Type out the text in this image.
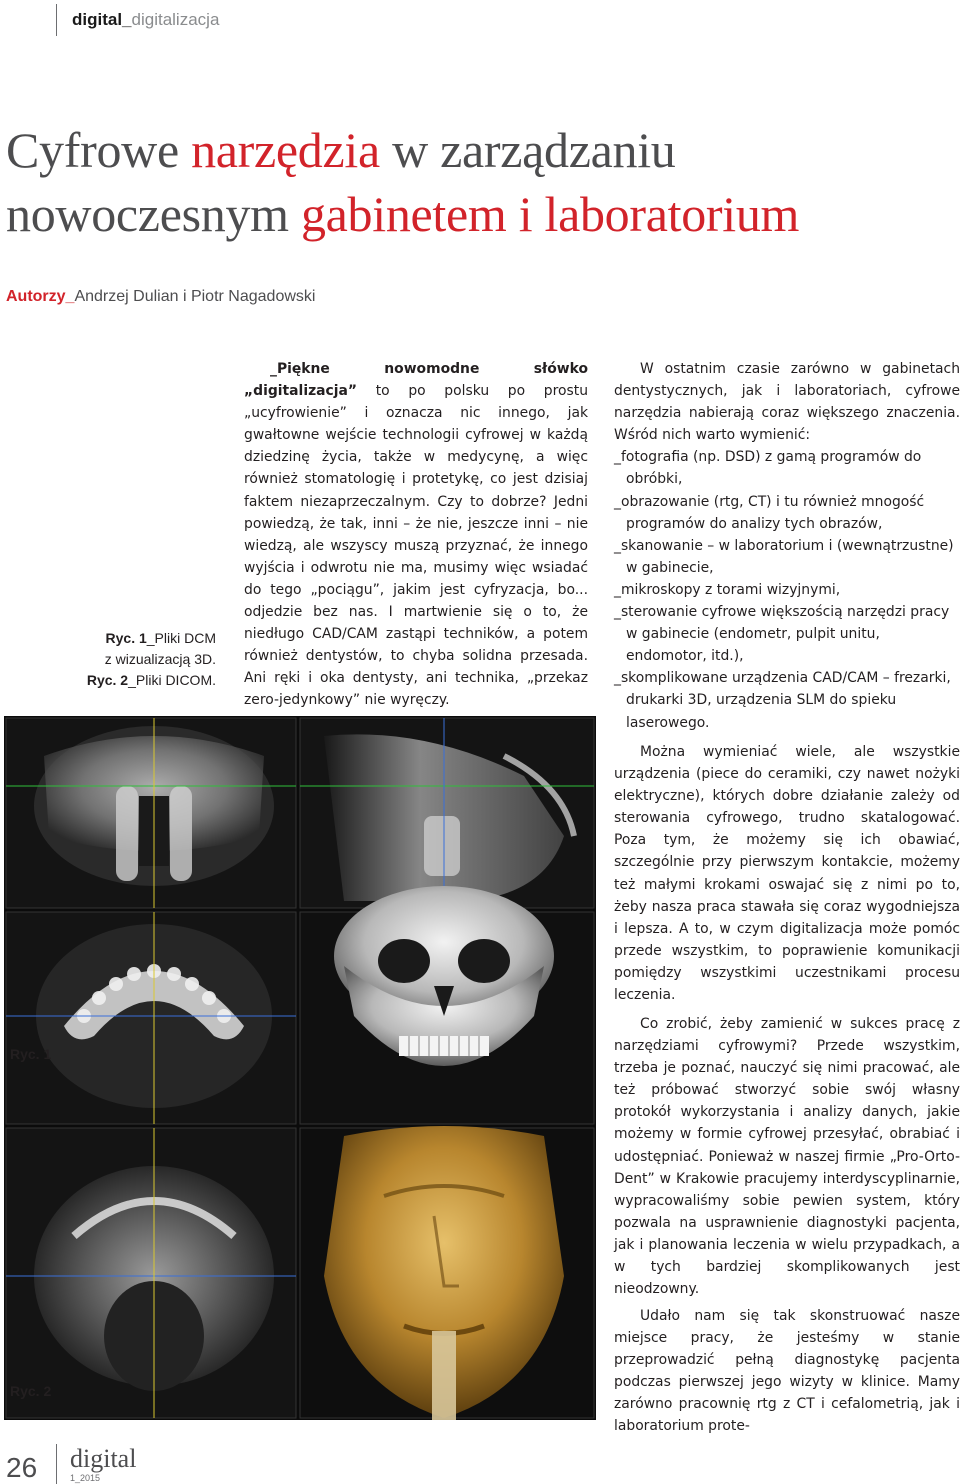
digital_digitalizacja
Cyfrowe narzędzia w zarządzaniu
nowoczesnym gabinetem i laboratorium
Autorzy_Andrzej Dulian i Piotr Nagadowski
Ryc. 1_Pliki DCM
z wizualizacją 3D.
Ryc. 2_Pliki DICOM.

_Piękne nowomodne słówko „digitalizacja” to po polsku po prostu „ucyfrowienie” i oznacza nic innego, jak gwałtowne wejście technologii cyfrowej w każdą dziedzinę życia, także w medycynę, a więc również stomatologię i protetykę, co jest dzisiaj faktem niezaprzeczalnym. Czy to dobrze? Jedni powiedzą, że tak, inni – że nie, jeszcze inni – nie wiedzą, ale wszyscy muszą przyznać, że innego wyjścia i odwrotu nie ma, musimy więc wsiadać do tego „pociągu”, jakim jest cyfryzacja, bo... odjedzie bez nas. I martwienie się o to, że niedługo CAD/CAM zastąpi techników, a potem również dentystów, to chyba solidna przesada. Ani ręki i oka dentysty, ani technika, „przekaz zero-jedynkowy” nie wyręczy.

W ostatnim czasie zarówno w gabinetach dentystycznych, jak i laboratoriach, cyfrowe narzędzia nabierają coraz większego znaczenia. Wśród nich warto wymienić:

_fotografia (np. DSD) z gamą programów do obróbki,
_obrazowanie (rtg, CT) i tu również mnogość programów do analizy tych obrazów,
_skanowanie – w laboratorium i (wewnątrzustne) w gabinecie,
_mikroskopy z torami wizyjnymi,
_sterowanie cyfrowe większością narzędzi pracy w gabinecie (endometr, pulpit unitu, endomotor, itd.),
_skomplikowane urządzenia CAD/CAM – frezarki, drukarki 3D, urządzenia SLM do spieku laserowego.

Można wymieniać wiele, ale wszystkie urządzenia (piece do ceramiki, czy nawet nożyki elektryczne), których dobre działanie zależy od sterowania cyfrowego, trudno skatalogować. Poza tym, że możemy się ich obawiać, szczególnie przy pierwszym kontakcie, możemy też małymi krokami oswajać się z nimi po to, żeby nasza praca stawała się coraz wygodniejsza i lepsza. A to, w czym digitalizacja może pomóc przede wszystkim, to poprawienie komunikacji pomiędzy wszystkimi uczestnikami procesu leczenia.

Co zrobić, żeby zamienić w sukces pracę z narzędziami cyfrowymi? Przede wszystkim, trzeba je poznać, nauczyć się nimi pracować, ale też próbować stworzyć sobie swój własny protokół wykorzystania i analizy danych, jakie możemy w formie cyfrowej przesyłać, obrabiać i udostępniać. Ponieważ w naszej firmie „Pro-Orto-Dent” w Krakowie pracujemy interdyscyplinarnie, wypracowaliśmy sobie pewien system, który pozwala na usprawnienie diagnostyki pacjenta, jak i planowania leczenia w wielu przypadkach, a w tych bardziej skomplikowanych jest nieodzowny.

Udało nam się tak skonstruować nasze miejsce pracy, że jesteśmy w stanie przeprowadzić pełną diagnostykę pacjenta podczas pierwszej jego wizyty w klinice. Mamy zarówno pracownię rtg z CT i cefalometrią, jak i laboratorium prote-

Ryc. 1
Ryc. 2
26 digital
1_2015
